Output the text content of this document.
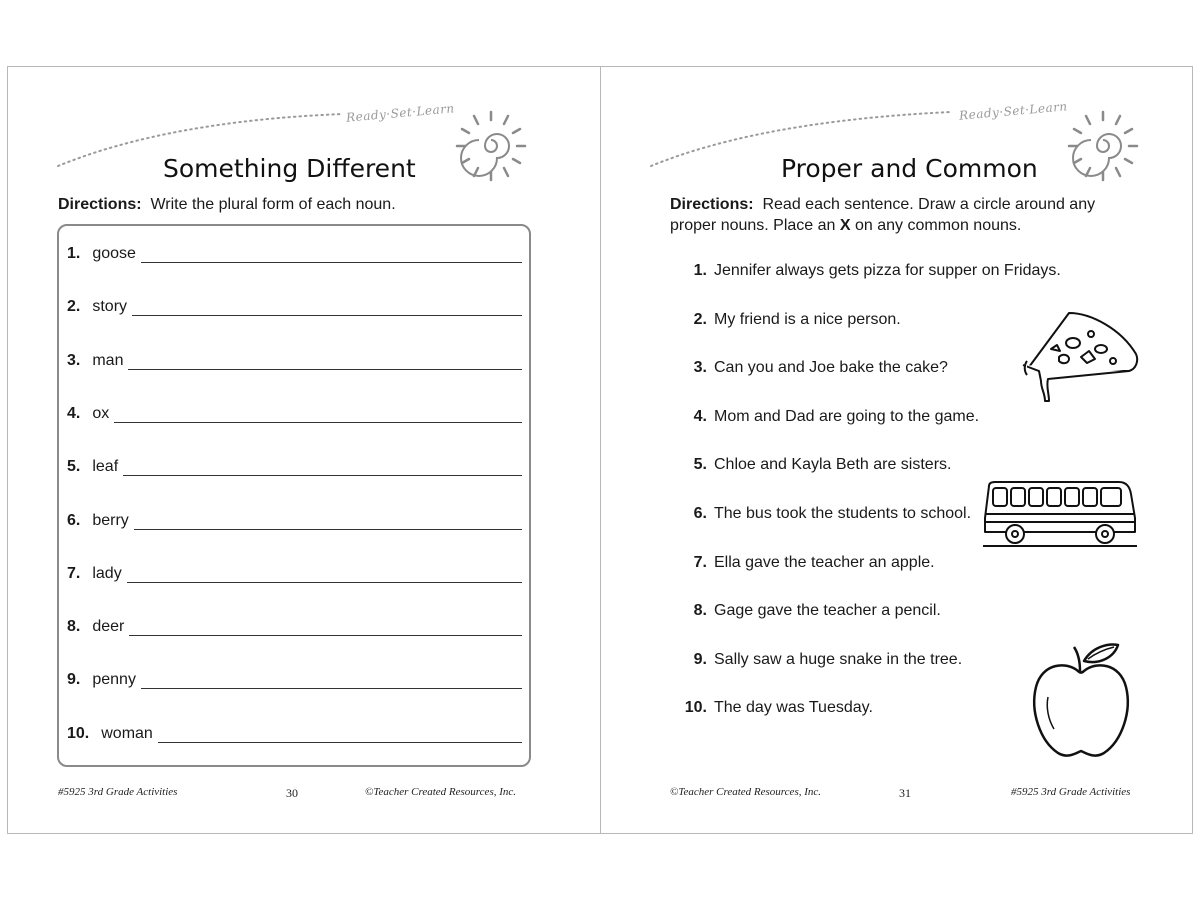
Ready·Set·Learn
Something Different
Directions: Write the plural form of each noun.
1. goose
2. story
3. man
4. ox
5. leaf
6. berry
7. lady
8. deer
9. penny
10. woman
#5925 3rd Grade Activities	30	©Teacher Created Resources, Inc.
Ready·Set·Learn
Proper and Common
Directions: Read each sentence. Draw a circle around any proper nouns. Place an X on any common nouns.
1. Jennifer always gets pizza for supper on Fridays.
2. My friend is a nice person.
3. Can you and Joe bake the cake?
4. Mom and Dad are going to the game.
5. Chloe and Kayla Beth are sisters.
6. The bus took the students to school.
7. Ella gave the teacher an apple.
8. Gage gave the teacher a pencil.
9. Sally saw a huge snake in the tree.
10. The day was Tuesday.
©Teacher Created Resources, Inc.	31	#5925 3rd Grade Activities
